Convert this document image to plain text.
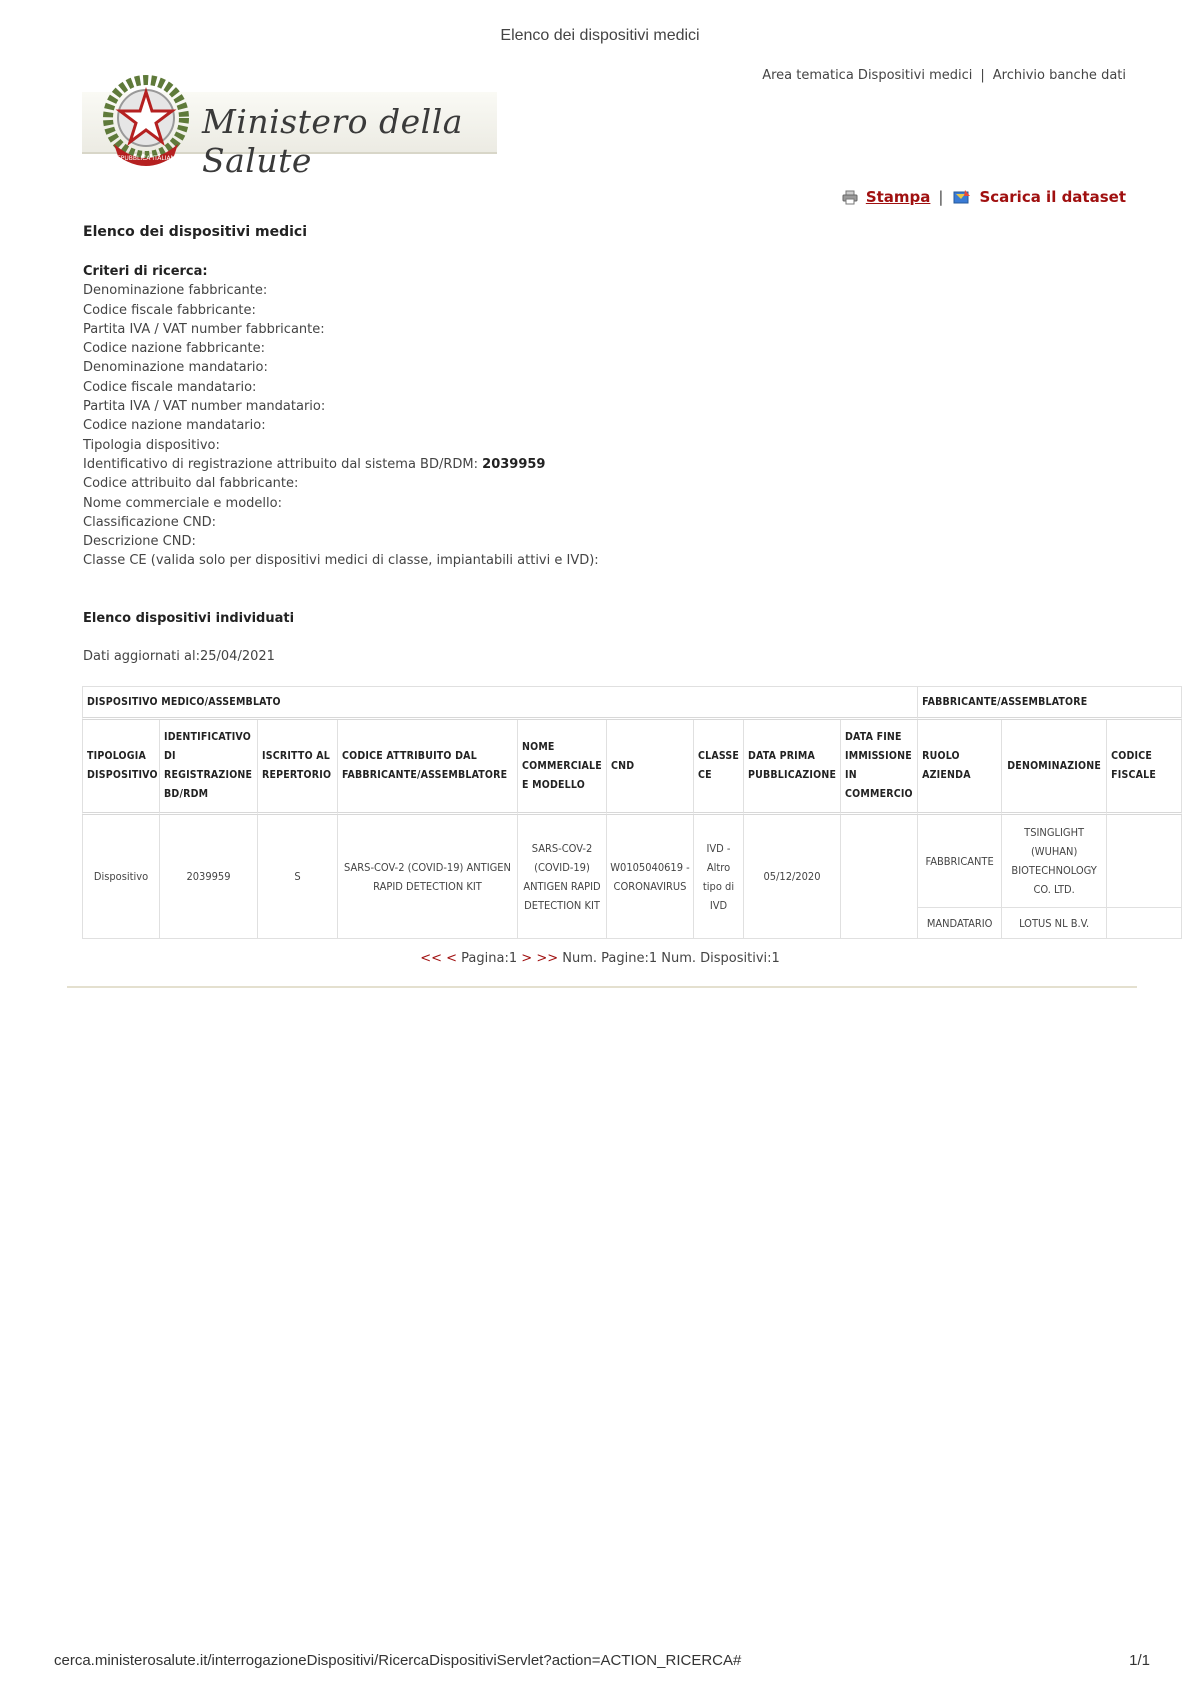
Elenco dei dispositivi medici
Area tematica Dispositivi medici | Archivio banche dati
REPUBBLICA ITALIANA
Ministero della Salute
Stampa | Scarica il dataset
Elenco dei dispositivi medici
Criteri di ricerca:
Denominazione fabbricante:
Codice fiscale fabbricante:
Partita IVA / VAT number fabbricante:
Codice nazione fabbricante:
Denominazione mandatario:
Codice fiscale mandatario:
Partita IVA / VAT number mandatario:
Codice nazione mandatario:
Tipologia dispositivo:
Identificativo di registrazione attribuito dal sistema BD/RDM: 2039959
Codice attribuito dal fabbricante:
Nome commerciale e modello:
Classificazione CND:
Descrizione CND:
Classe CE (valida solo per dispositivi medici di classe, impiantabili attivi e IVD):
Elenco dispositivi individuati
Dati aggiornati al:25/04/2021
DISPOSITIVO MEDICO/ASSEMBLATO									FABBRICANTE/ASSEMBLATORE		
TIPOLOGIA DISPOSITIVO	IDENTIFICATIVO DI REGISTRAZIONE BD/RDM	ISCRITTO AL REPERTORIO	CODICE ATTRIBUITO DAL FABBRICANTE/ASSEMBLATORE	NOME COMMERCIALE E MODELLO	CND	CLASSE CE	DATA PRIMA PUBBLICAZIONE	DATA FINE IMMISSIONE IN COMMERCIO	RUOLO AZIENDA	DENOMINAZIONE	CODICE FISCALE
Dispositivo	2039959	S	SARS-COV-2 (COVID-19) ANTIGEN RAPID DETECTION KIT	SARS-COV-2 (COVID-19) ANTIGEN RAPID DETECTION KIT	W0105040619 - CORONAVIRUS	IVD - Altro tipo di IVD	05/12/2020		FABBRICANTE	TSINGLIGHT (WUHAN) BIOTECHNOLOGY CO. LTD.	
									MANDATARIO	LOTUS NL B.V.	
<< < Pagina:1 > >> Num. Pagine:1 Num. Dispositivi:1
cerca.ministerosalute.it/interrogazioneDispositivi/RicercaDispositiviServlet?action=ACTION_RICERCA#	1/1
